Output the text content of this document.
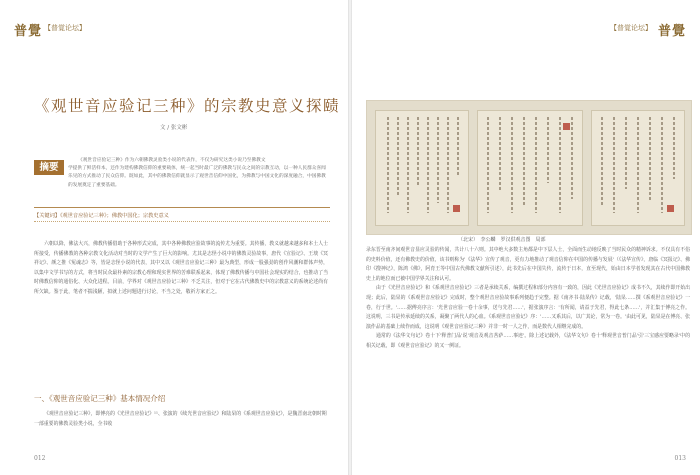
普覺 【普覚论坛】
《观世音应验记三种》的宗教史意义探赜
文 / 张文彬
摘要
《观世音应验记三种》作为六朝佛教灵验类小说的代表作，不仅为研究这类小说乃至佛教文
学提供了鲜活样本，还作为建构佛教信仰的重要载体，统一起当时最广泛的佛教与民众之间的宗教互动，以一种人民群众喜闻乐见的方式推动了民众信仰。既如此，其中的佛教信仰就显示了观世音信仰中国化，为佛教与中国文化的深度融合，中国佛教的发展奠定了重要基础。
【关键词】《观世音应验记三种》；佛教中国化；宗教史意义

六朝以降，佛法大兴，佛教传播借助于各种形式完成，其中各种佛教应验故事的流传尤为重要。其传播，教义就越来越多和本土人士所接受，传播佛教的各种宗教文化活动对当时的文学产生了巨大的影响。尤其是志怪小说中的佛教灵验故事，唐代《宣验记》、王琰《冥祥记》、颜之推《冤魂志》等，皆是志怪小说的代表，其中又以《观世音应验记三种》最为典型，形成一股强劲的创作风潮和群体声势，以集中文学书写的方式，将当时民众最朴素的宗教心理和现实世界的苦难联系起来，体现了佛教传播与中国社会现实的结合，也推动了当时佛教信仰的通俗化、大众化进程。目前，学界对《观世音应验记三种》不乏关注，但对于它在古代佛教史中的宗教意义的系统论述尚有所欠缺。鉴于此，笔者不揣浅陋，拟就上述问题进行讨论，不当之处，敬祈方家正之。

一、《观世音应验记三种》基本情况介绍
《观世音应验记三种》，即傅亮的《光世音应验记》¹¹、张演的《续光世音应验记》和陆杲的《系观世音应验记》，是魏晋南北朝时期一部重要的佛教灵验类小说，全书收
012
普覺
【普覚论坛】
（北宋）　李公麟　罗汉供观音图　局部

录东晋至南齐间观世音显应灵验的传闻，共计八十六则。其中绝大多数主角都是中下层人士，全面而生动地反映了当时民众的精神诉求。不仅具有不俗的史料价值，还有佛教史的价值，该书则称为'《法华》宣传了观音，更有力地推动了观音信仰在中国的传播与发展'（《法华宣传》，唐临《冥报记》、佛印《搜神记》，陈鸿《佛》，阿育王等中国古代佛教文献所引述），此书先后在中国失传，流传于日本，直至现代，始由日本学者发现其在古代中国佛教史上的地位而已被中国学界关注和认可。

由于《光世音应验记》和《系观世音应验记》三者是承续关系，编撰过程和部分内容有一致的，因此《光世音应验记》成书不久，其续作即开始出现；此后，陆杲的《系观世音应验记》完成时，整个观世音应验故事系列便趋于完整。据《南齐书·陆杲传》记载，'陆杲……撰《系观世音应验记》一卷，行于世。'……据傅亮序言：'光世音应验一卷十余事，送与先君……'，据张演序言：'有所闻，请益于先君，得此七条……'，并汇集于傅亮之作。这说明，三书是传承延续的关系，凝聚了两代人的心血。《系观世音应验记》序：'……又系其后，以广其论，常为一卷。'由此可见，陆杲是在傅亮、张演作品的基础上续作而成，这说明《观世音应验记三种》并非一时一人之作，而是数代人相继完成的。

通常的《法华文句记》卷十下'释普门品'说'观音及观音菩萨……事迹'。除上述记载外，《法华文句》卷十'释观世音普门品'引'三宝感应要略录'中的相关记载，即《观世音应验记》的又一例证。

013
